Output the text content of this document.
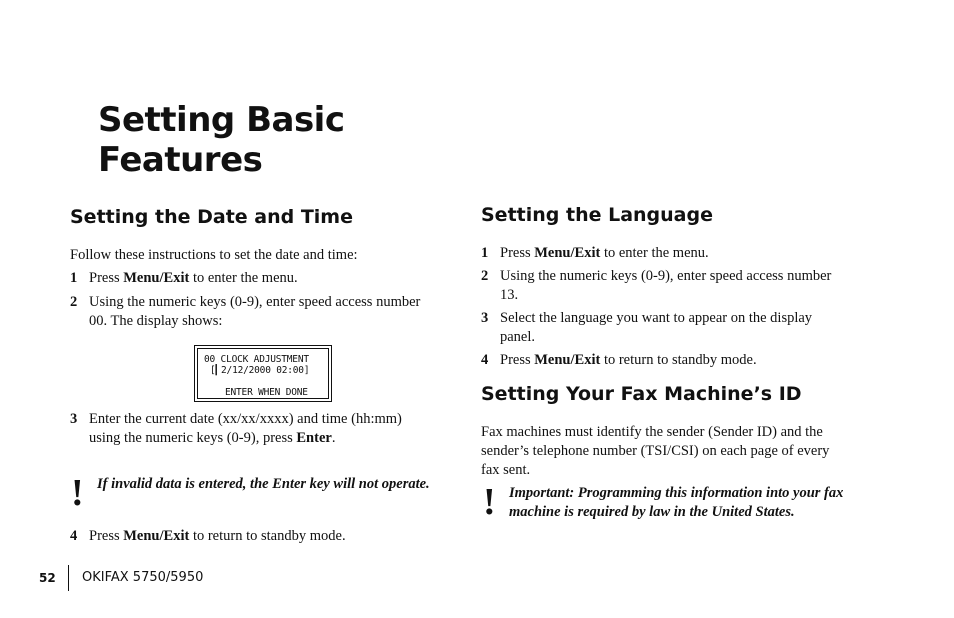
Setting Basic
Features
Setting the Date and Time
Follow these instructions to set the date and time:
1 Press Menu/Exit to enter the menu.
2 Using the numeric keys (0-9), enter speed access number
00. The display shows:
00 CLOCK ADJUSTMENT
[▎2/12/2000 02:00]
ENTER WHEN DONE
3 Enter the current date (xx/xx/xxxx) and time (hh:mm)
using the numeric keys (0-9), press Enter.
! If invalid data is entered, the Enter key will not operate.
4 Press Menu/Exit to return to standby mode.
Setting the Language
1 Press Menu/Exit to enter the menu.
2 Using the numeric keys (0-9), enter speed access number
13.
3 Select the language you want to appear on the display
panel.
4 Press Menu/Exit to return to standby mode.
Setting Your Fax Machine’s ID
Fax machines must identify the sender (Sender ID) and the
sender’s telephone number (TSI/CSI) on each page of every
fax sent.
! Important: Programming this information into your fax
machine is required by law in the United States.
52 OKIFAX 5750/5950
